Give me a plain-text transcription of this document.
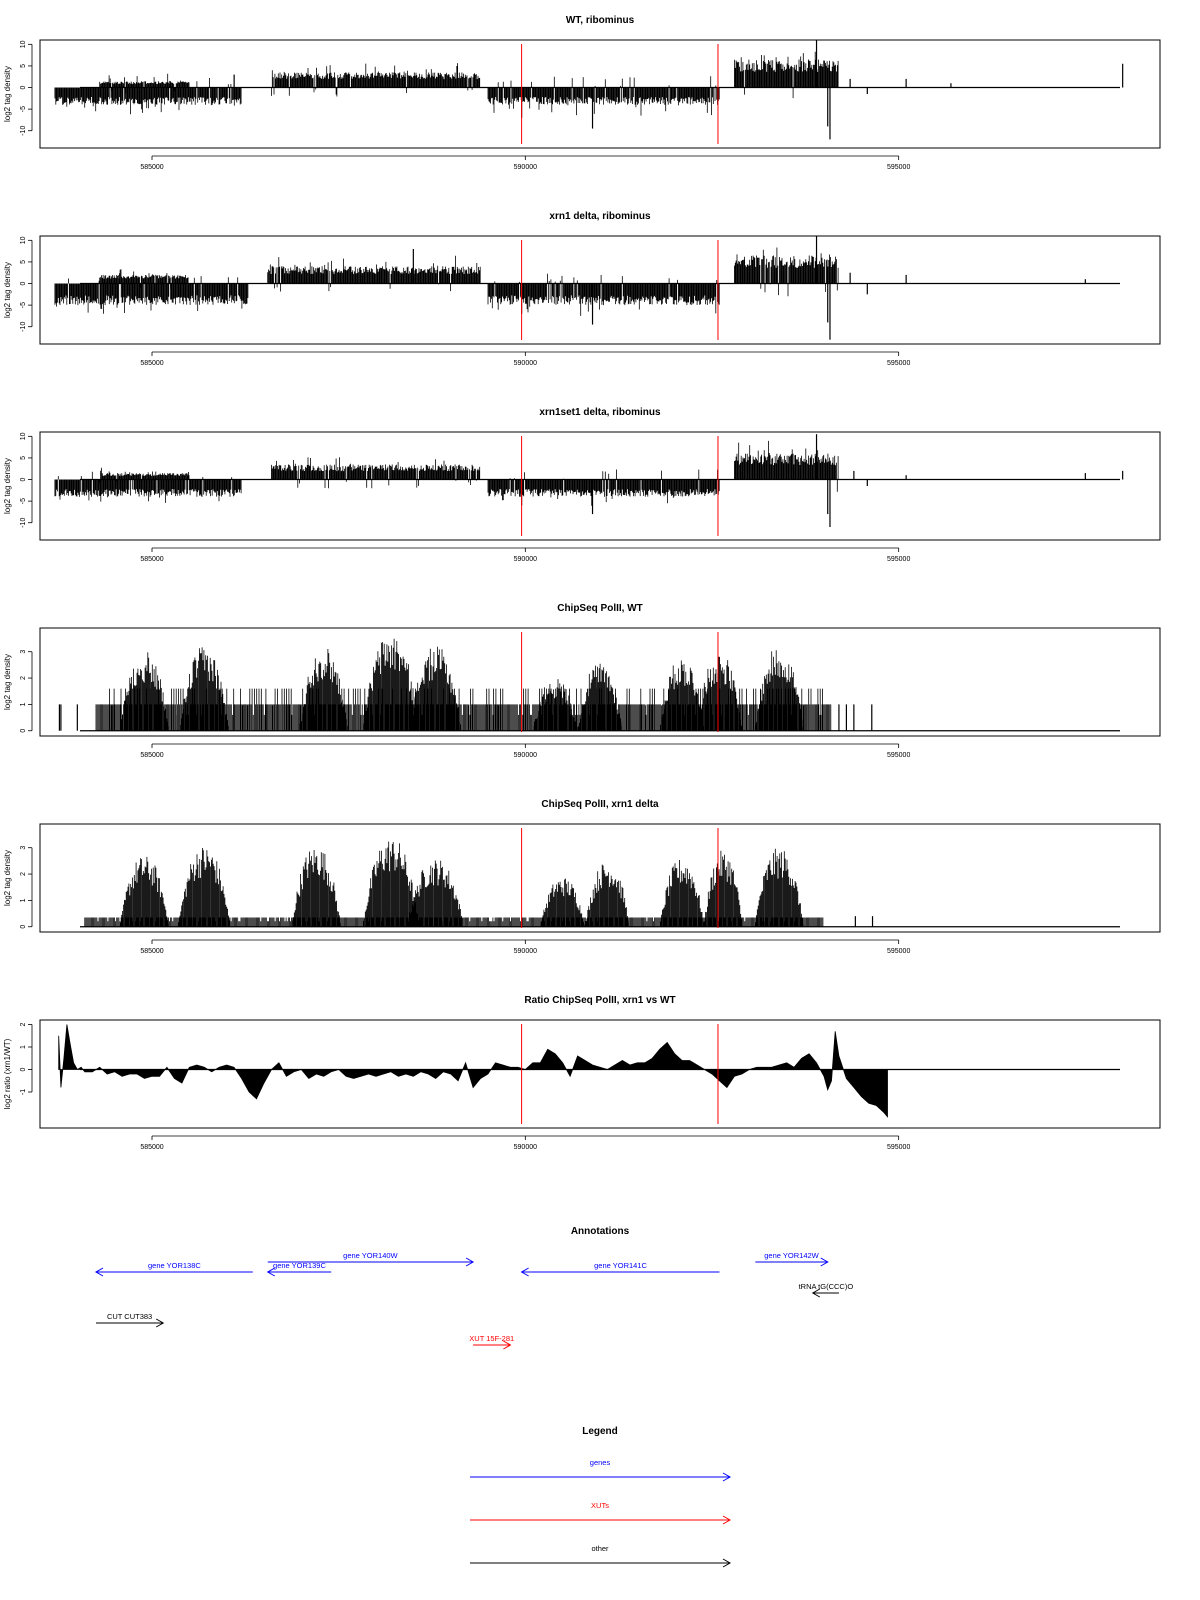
WT, ribominus
log2 tag density
-10
-5
0
5
10
585000	590000	595000
xrn1 delta, ribominus
log2 tag density
-10
-5
0
5
10
585000	590000	595000
xrn1set1 delta, ribominus
log2 tag density
-10
-5
0
5
10
585000	590000	595000
ChipSeq PolII, WT
log2 tag density
0
1
2
3
585000	590000	595000
ChipSeq PolII, xrn1 delta
log2 tag density
0
1
2
3
585000	590000	595000
Ratio ChipSeq PolII, xrn1 vs WT
log2 ratio (xrn1/WT) -1
0
1
2
585000	590000	595000
Annotations
gene YOR138C	gene YOR139C
gene YOR140W
gene YOR141C
gene YOR142W
tRNA tG(CCC)O
CUT CUT383
XUT 15F-281
Legend
genes
XUTs
other
